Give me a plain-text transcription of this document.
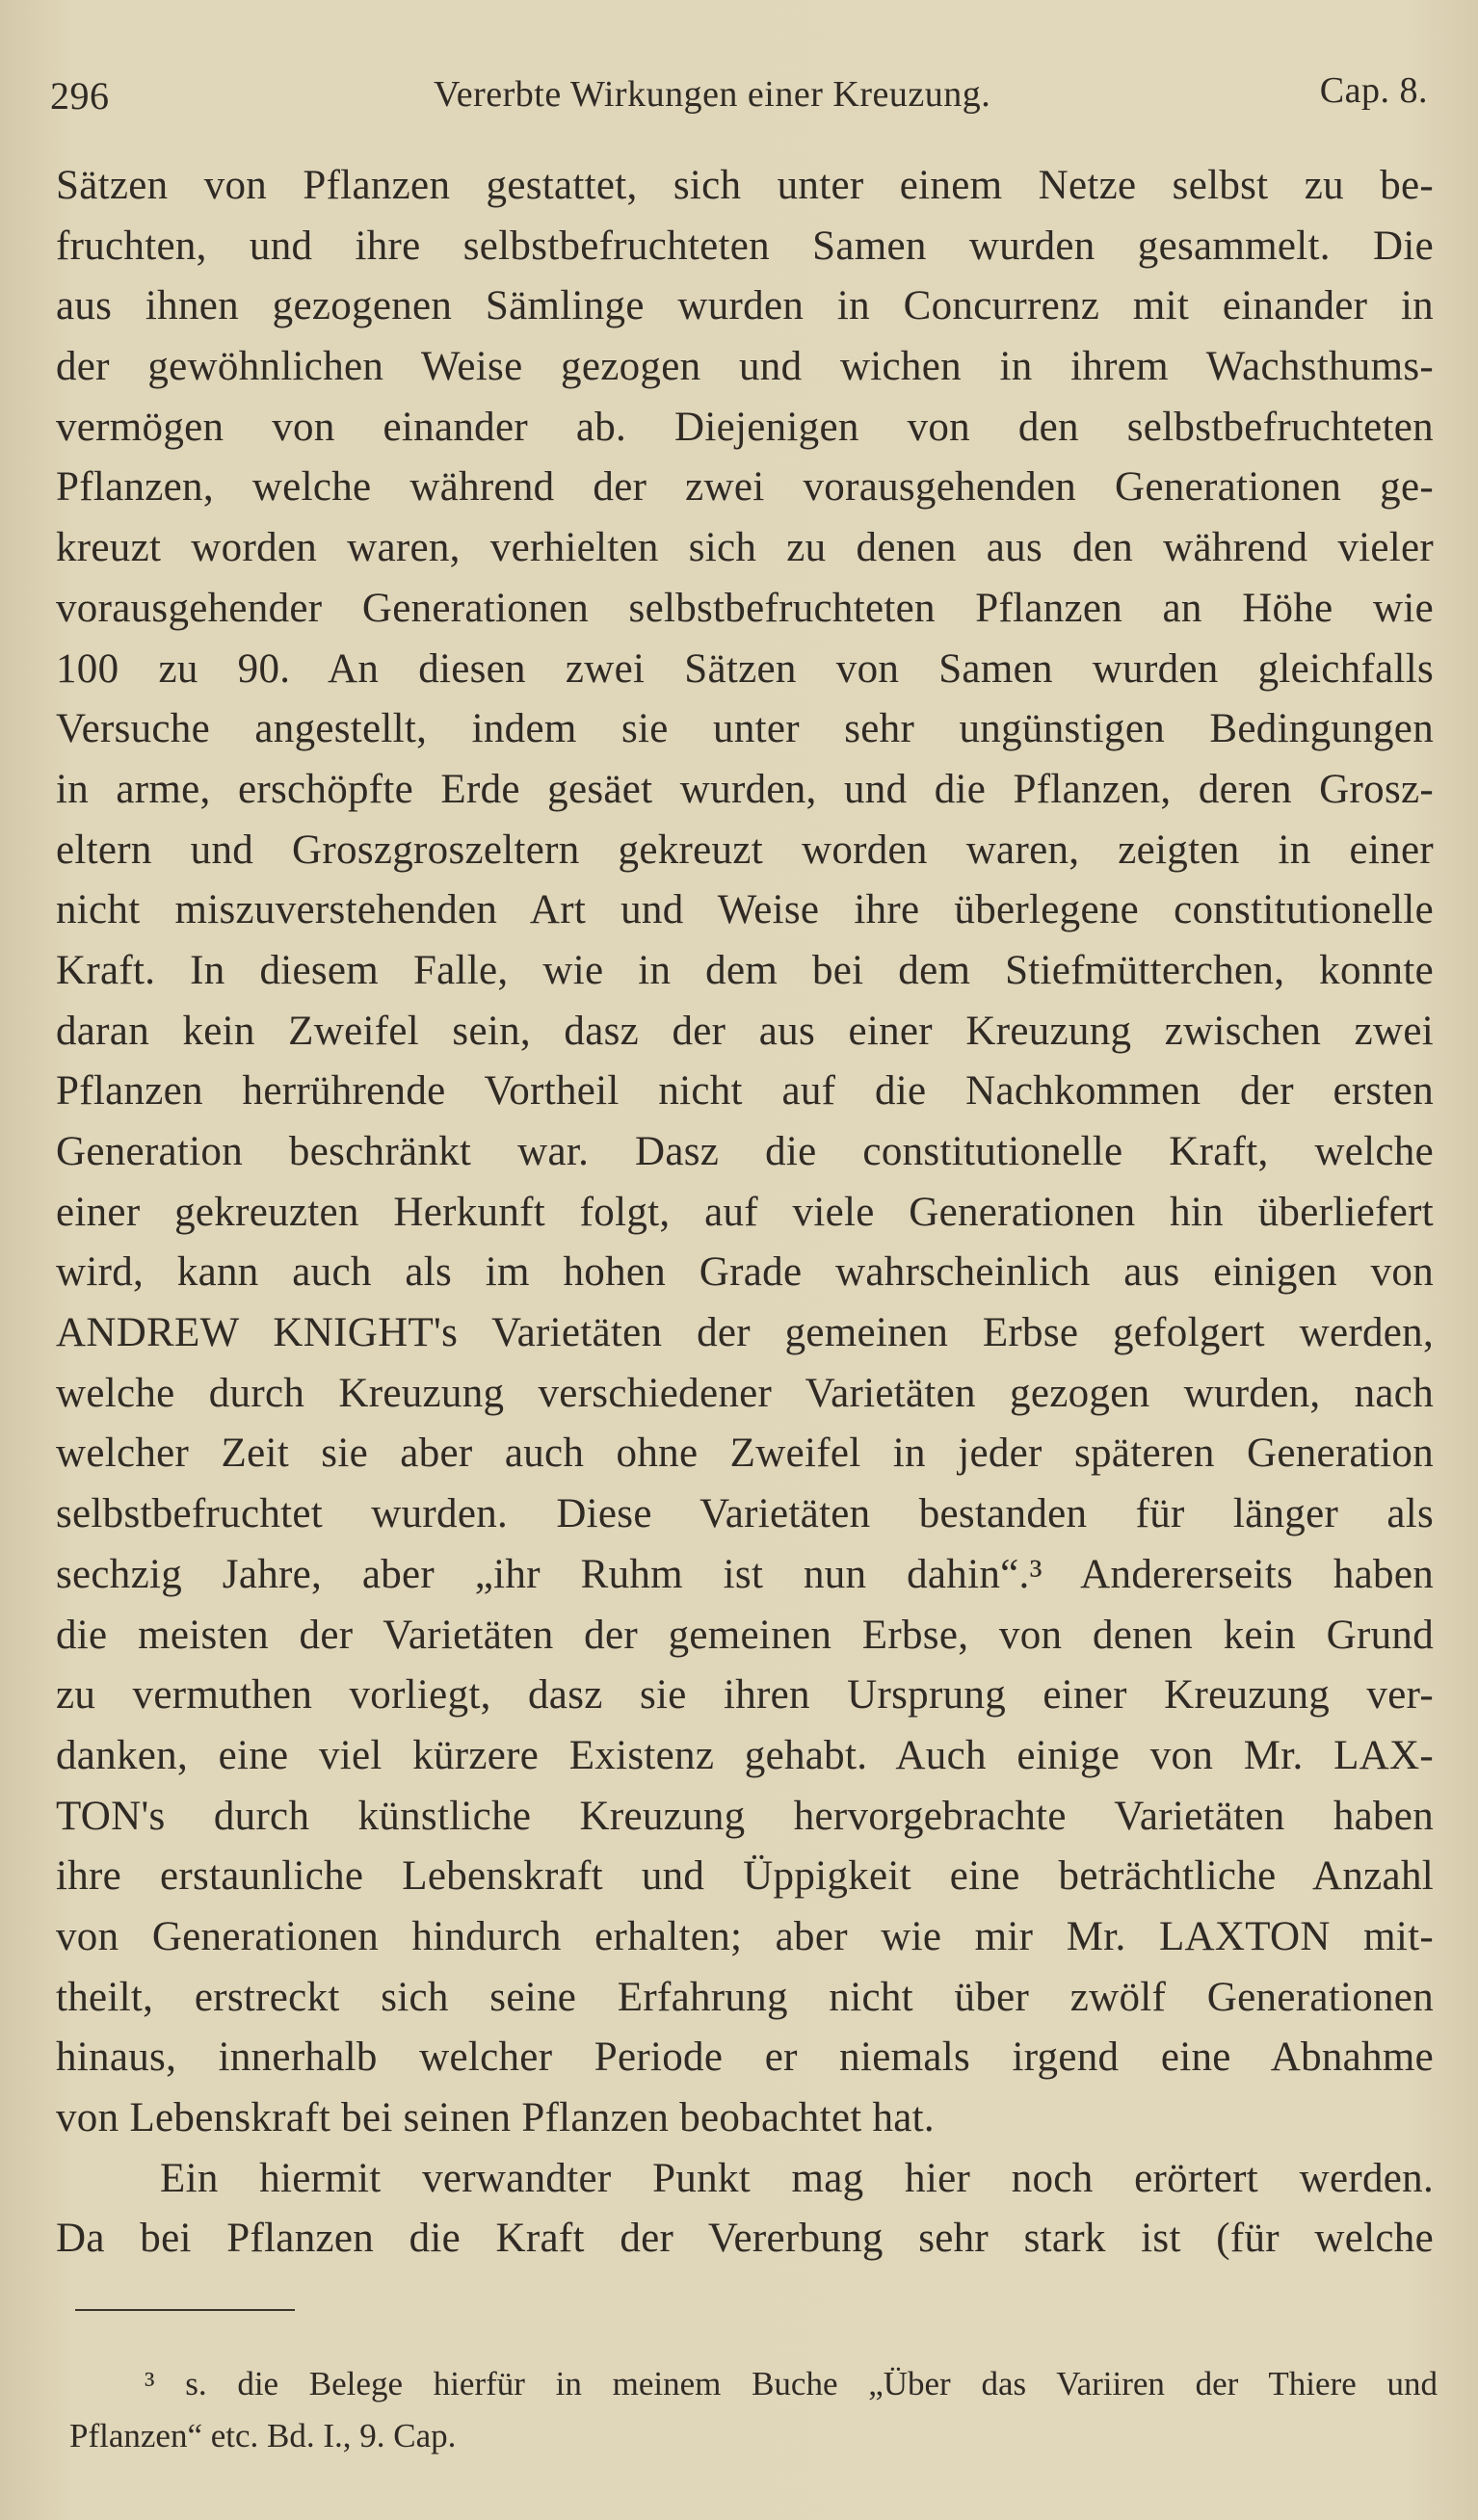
296	Vererbte Wirkungen einer Kreuzung.	Cap. 8.
Sätzen von Pflanzen gestattet, sich unter einem Netze selbst zu be-
fruchten, und ihre selbstbefruchteten Samen wurden gesammelt. Die
aus ihnen gezogenen Sämlinge wurden in Concurrenz mit einander in
der gewöhnlichen Weise gezogen und wichen in ihrem Wachsthums-
vermögen von einander ab. Diejenigen von den selbstbefruchteten
Pflanzen, welche während der zwei vorausgehenden Generationen ge-
kreuzt worden waren, verhielten sich zu denen aus den während vieler
vorausgehender Generationen selbstbefruchteten Pflanzen an Höhe wie
100 zu 90. An diesen zwei Sätzen von Samen wurden gleichfalls
Versuche angestellt, indem sie unter sehr ungünstigen Bedingungen
in arme, erschöpfte Erde gesäet wurden, und die Pflanzen, deren Grosz-
eltern und Groszgroszeltern gekreuzt worden waren, zeigten in einer
nicht miszuverstehenden Art und Weise ihre überlegene constitutionelle
Kraft. In diesem Falle, wie in dem bei dem Stiefmütterchen, konnte
daran kein Zweifel sein, dasz der aus einer Kreuzung zwischen zwei
Pflanzen herrührende Vortheil nicht auf die Nachkommen der ersten
Generation beschränkt war. Dasz die constitutionelle Kraft, welche
einer gekreuzten Herkunft folgt, auf viele Generationen hin überliefert
wird, kann auch als im hohen Grade wahrscheinlich aus einigen von
ANDREW KNIGHT's Varietäten der gemeinen Erbse gefolgert werden,
welche durch Kreuzung verschiedener Varietäten gezogen wurden, nach
welcher Zeit sie aber auch ohne Zweifel in jeder späteren Generation
selbstbefruchtet wurden. Diese Varietäten bestanden für länger als
sechzig Jahre, aber „ihr Ruhm ist nun dahin“.³ Andererseits haben
die meisten der Varietäten der gemeinen Erbse, von denen kein Grund
zu vermuthen vorliegt, dasz sie ihren Ursprung einer Kreuzung ver-
danken, eine viel kürzere Existenz gehabt. Auch einige von Mr. LAX-
TON's durch künstliche Kreuzung hervorgebrachte Varietäten haben
ihre erstaunliche Lebenskraft und Üppigkeit eine beträchtliche Anzahl
von Generationen hindurch erhalten; aber wie mir Mr. LAXTON mit-
theilt, erstreckt sich seine Erfahrung nicht über zwölf Generationen
hinaus, innerhalb welcher Periode er niemals irgend eine Abnahme
von Lebenskraft bei seinen Pflanzen beobachtet hat.
Ein hiermit verwandter Punkt mag hier noch erörtert werden.
Da bei Pflanzen die Kraft der Vererbung sehr stark ist (für welche
³ s. die Belege hierfür in meinem Buche „Über das Variiren der Thiere und
Pflanzen“ etc. Bd. I., 9. Cap.
